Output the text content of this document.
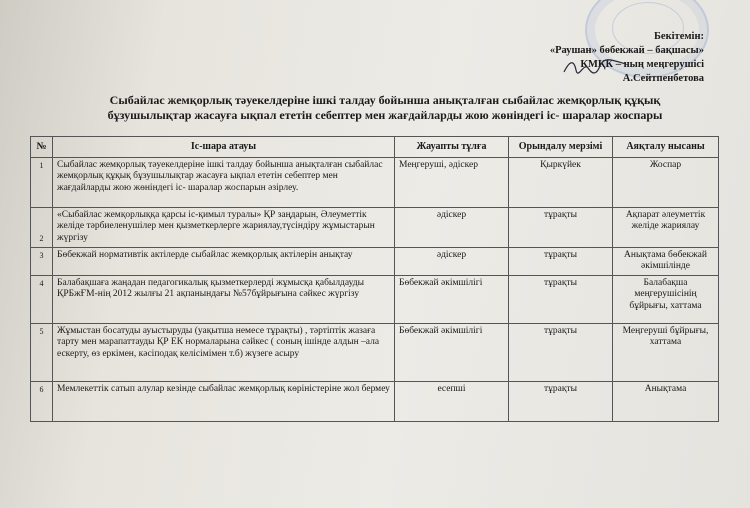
Бекітемін:
«Раушан» бөбекжай – бақшасы»
КМҚК – ның меңгерушісі
А.Сейтпенбетова
Сыбайлас жемқорлық тәуекелдеріне ішкі талдау бойынша анықталған сыбайлас жемқорлық құқық
бұзушылықтар жасауға ықпал ететін себептер мен жағдайларды жою жөніндегі іс- шаралар жоспары
№	Іс-шара атауы	Жауапты тұлға	Орындалу мерзімі	Аяқталу нысаны
1	Сыбайлас жемқорлық тәуекелдеріне ішкі талдау бойынша анықталған сыбайлас жемқорлық құқық бұзушылықтар жасауға ықпал ететін себептер мен жағдайларды жою жөніндегі іс- шаралар жоспарын әзірлеу.	Меңгеруші, әдіскер	Қыркүйек	Жоспар
2	«Сыбайлас жемқорлыққа қарсы іс-қимыл туралы» ҚР заңдарын, Әлеуметтік желіде тәрбиеленушілер мен қызметкерлерге жариялау,түсіндіру жұмыстарын жүргізу	әдіскер	тұрақты	Ақпарат әлеуметтік желіде жариялау
3	Бөбекжай нормативтік актілерде сыбайлас жемқорлық актілерін анықтау	әдіскер	тұрақты	Анықтама бөбекжай әкімшілінде
4	Балабақшаға жаңадан педагогикалық қызметкерлерді жұмысқа қабылдауды ҚРБжҒМ-нің 2012 жылғы 21 ақпанындағы №57бұйрығына сәйкес жүргізу	Бөбекжай әкімшілігі	тұрақты	Балабақша меңгерушісінің бұйрығы, хаттама
5	Жұмыстан босатуды ауыстыруды (уақытша немесе тұрақты) , тәртіптік жазаға тарту мен марапаттауды ҚР ЕК нормаларына сәйкес ( соның ішінде алдын –ала ескерту, өз еркімен, кәсіподақ келісімімен т.б) жүзеге асыру	Бөбекжай әкімшілігі	тұрақты	Меңгеруші бұйрығы, хаттама
6	Мемлекеттік сатып алулар кезінде сыбайлас жемқорлық көріністеріне жол бермеу	есепші	тұрақты	Анықтама
